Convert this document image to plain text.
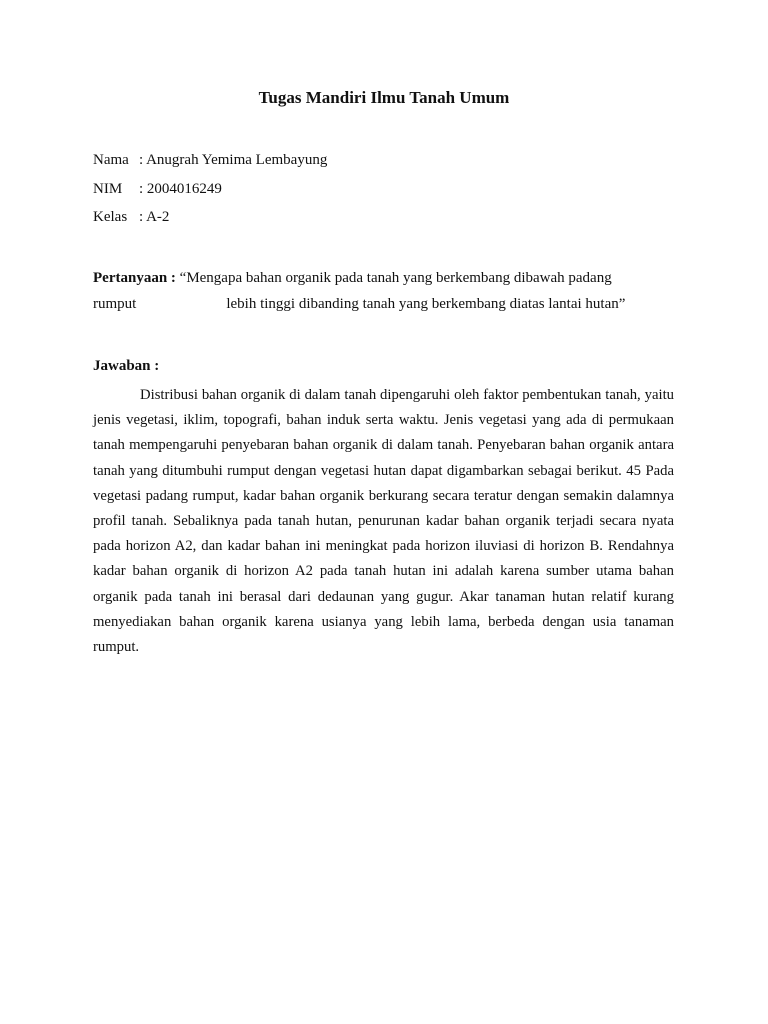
Tugas Mandiri Ilmu Tanah Umum
Nama : Anugrah Yemima Lembayung
NIM : 2004016249
Kelas : A-2
Pertanyaan : “Mengapa bahan organik pada tanah yang berkembang dibawah padang
rumput	lebih tinggi dibanding tanah yang berkembang diatas lantai hutan”
Jawaban :
Distribusi bahan organik di dalam tanah dipengaruhi oleh faktor pembentukan tanah, yaitu jenis vegetasi, iklim, topografi, bahan induk serta waktu. Jenis vegetasi yang ada di permukaan tanah mempengaruhi penyebaran bahan organik di dalam tanah. Penyebaran bahan organik antara tanah yang ditumbuhi rumput dengan vegetasi hutan dapat digambarkan sebagai berikut. 45 Pada vegetasi padang rumput, kadar bahan organik berkurang secara teratur dengan semakin dalamnya profil tanah. Sebaliknya pada tanah hutan, penurunan kadar bahan organik terjadi secara nyata pada horizon A2, dan kadar bahan ini meningkat pada horizon iluviasi di horizon B. Rendahnya kadar bahan organik di horizon A2 pada tanah hutan ini adalah karena sumber utama bahan organik pada tanah ini berasal dari dedaunan yang gugur. Akar tanaman hutan relatif kurang menyediakan bahan organik karena usianya yang lebih lama, berbeda dengan usia tanaman rumput.
